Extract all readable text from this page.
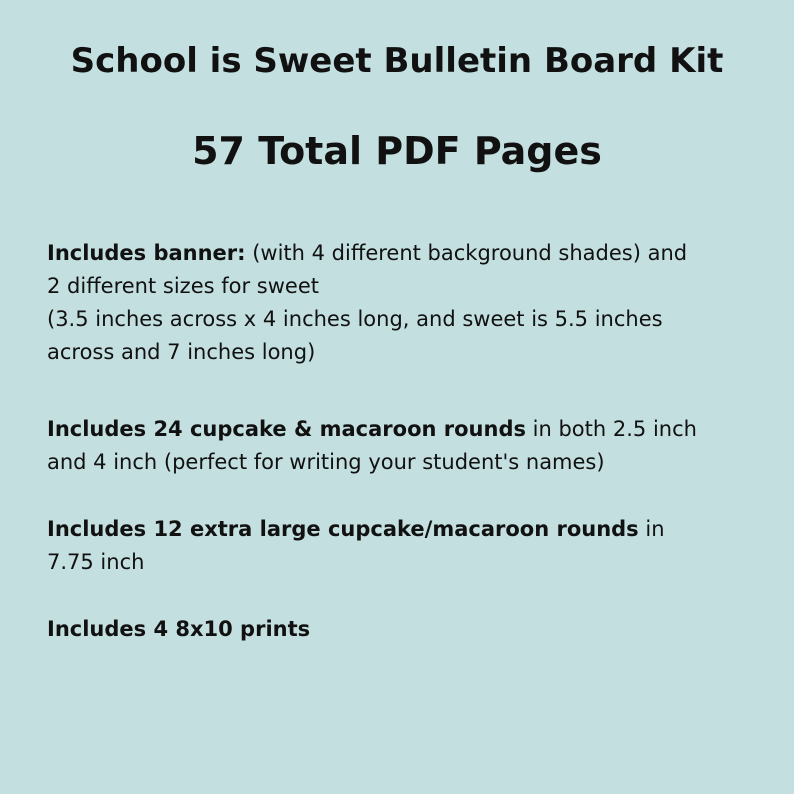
School is Sweet Bulletin Board Kit
57 Total PDF Pages

Includes banner: (with 4 different background shades) and
2 different sizes for sweet
(3.5 inches across x 4 inches long, and sweet is 5.5 inches
across and 7 inches long)

Includes 24 cupcake & macaroon rounds in both 2.5 inch
and 4 inch (perfect for writing your student's names)

Includes 12 extra large cupcake/macaroon rounds in
7.75 inch

Includes 4 8x10 prints
